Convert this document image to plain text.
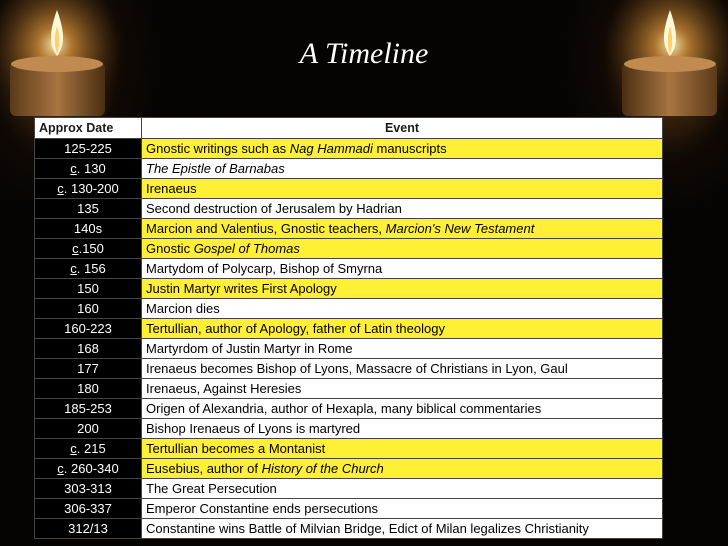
A Timeline
Approx Date	Event
125-225	Gnostic writings such as Nag Hammadi manuscripts
c. 130	The Epistle of Barnabas
c. 130-200	Irenaeus
135	Second destruction of Jerusalem by Hadrian
140s	Marcion and Valentius, Gnostic teachers, Marcion's New Testament
c.150	Gnostic Gospel of Thomas
c. 156	Martydom of Polycarp, Bishop of Smyrna
150	Justin Martyr writes First Apology
160	Marcion dies
160-223	Tertullian, author of Apology, father of Latin theology
168	Martyrdom of Justin Martyr in Rome
177	Irenaeus becomes Bishop of Lyons, Massacre of Christians in Lyon, Gaul
180	Irenaeus, Against Heresies
185-253	Origen of Alexandria, author of Hexapla, many biblical commentaries
200	Bishop Irenaeus of Lyons is martyred
c. 215	Tertullian becomes a Montanist
c. 260-340	Eusebius, author of History of the Church
303-313	The Great Persecution
306-337	Emperor Constantine ends persecutions
312/13	Constantine wins Battle of Milvian Bridge, Edict of Milan legalizes Christianity
